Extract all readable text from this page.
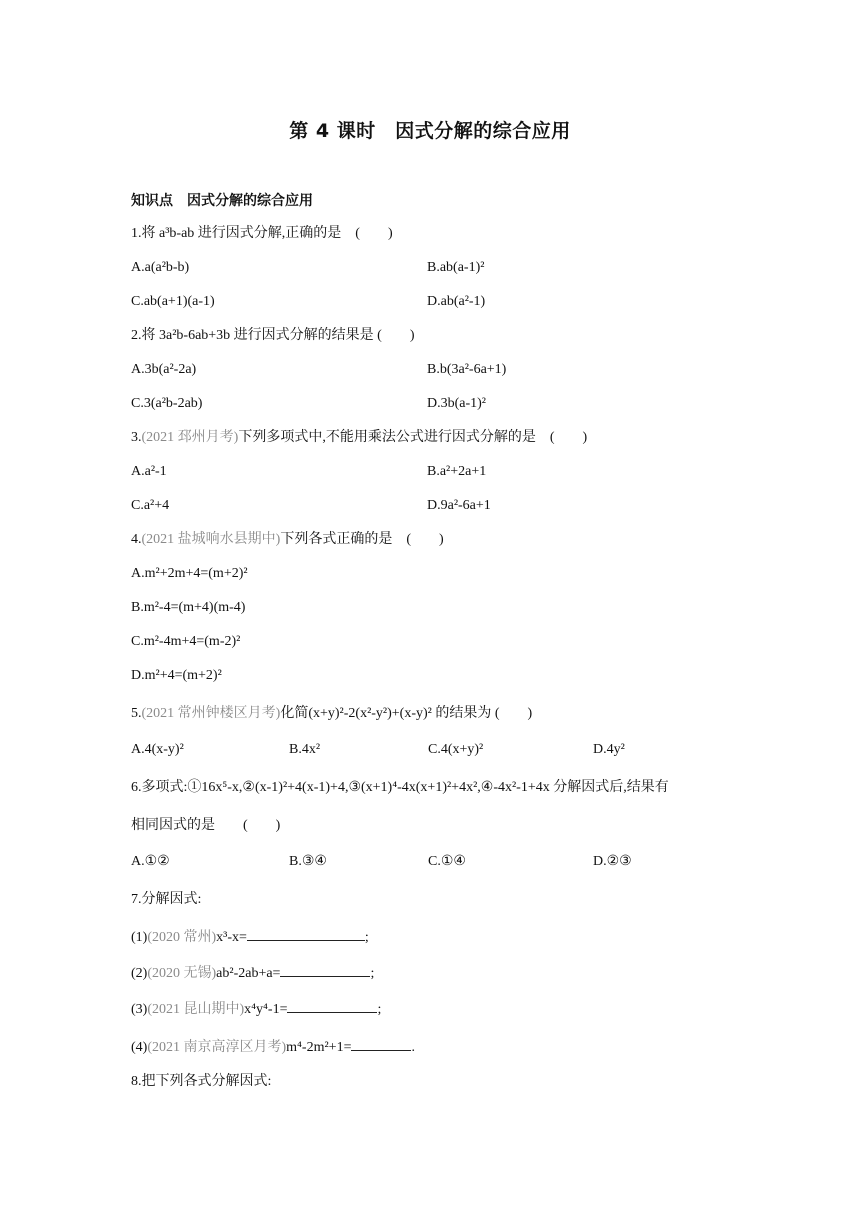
第 4 课时　因式分解的综合应用
知识点　因式分解的综合应用
1.将 a³b-ab 进行因式分解,正确的是　(　　)
A.a(a²b-b)	B.ab(a-1)²
C.ab(a+1)(a-1)	D.ab(a²-1)
2.将 3a²b-6ab+3b 进行因式分解的结果是 (　　)
A.3b(a²-2a)	B.b(3a²-6a+1)
C.3(a²b-2ab)	D.3b(a-1)²
3.(2021 邳州月考)下列多项式中,不能用乘法公式进行因式分解的是　(　　)
A.a²-1	B.a²+2a+1
C.a²+4	D.9a²-6a+1
4.(2021 盐城响水县期中)下列各式正确的是　(　　)
A.m²+2m+4=(m+2)²
B.m²-4=(m+4)(m-4)
C.m²-4m+4=(m-2)²
D.m²+4=(m+2)²
5.(2021 常州钟楼区月考)化简(x+y)²-2(x²-y²)+(x-y)² 的结果为 (　　)
A.4(x-y)²	B.4x²	C.4(x+y)²	D.4y²
6.多项式:①16x⁵-x,②(x-1)²+4(x-1)+4,③(x+1)⁴-4x(x+1)²+4x²,④-4x²-1+4x 分解因式后,结果有
相同因式的是　　(　　)
A.①②	B.③④	C.①④	D.②③
7.分解因式:
(1)(2020 常州)x³-x=	;
(2)(2020 无锡)ab²-2ab+a=	;
(3)(2021 昆山期中)x⁴y⁴-1=	;
(4)(2021 南京高淳区月考)m⁴-2m²+1=	.
8.把下列各式分解因式:
